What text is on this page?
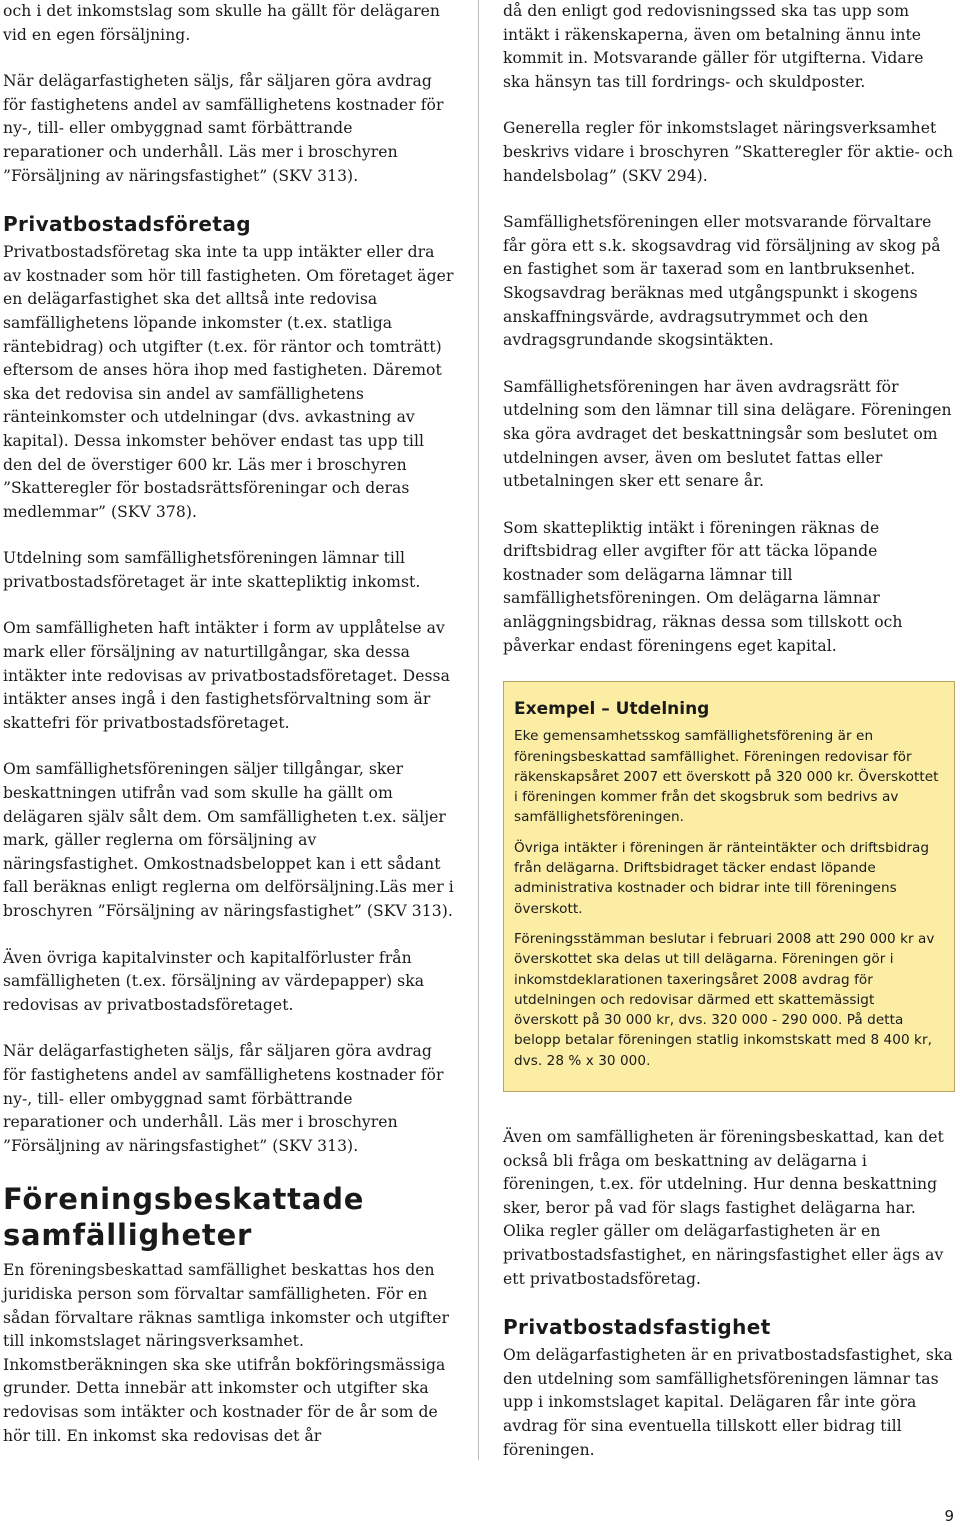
och i det inkomstslag som skulle ha gällt för delägaren vid en egen försäljning.

När delägarfastigheten säljs, får säljaren göra avdrag för fastighetens andel av samfällighetens kostnader för ny-, till- eller ombyggnad samt förbättrande reparationer och underhåll. Läs mer i broschyren ”Försäljning av näringsfastighet” (SKV 313).

Privatbostadsföretag

Privatbostadsföretag ska inte ta upp intäkter eller dra av kostnader som hör till fastigheten. Om företaget äger en delägarfastighet ska det alltså inte redovisa samfällighetens löpande inkomster (t.ex. statliga räntebidrag) och utgifter (t.ex. för räntor och tomträtt) eftersom de anses höra ihop med fastigheten. Däremot ska det redovisa sin andel av samfällighetens ränteinkomster och utdelningar (dvs. avkastning av kapital). Dessa inkomster behöver endast tas upp till den del de överstiger 600 kr. Läs mer i broschyren ”Skatteregler för bostadsrättsföreningar och deras medlemmar” (SKV 378).

Utdelning som samfällighetsföreningen lämnar till privatbostadsföretaget är inte skattepliktig inkomst.

Om samfälligheten haft intäkter i form av upplåtelse av mark eller försäljning av naturtillgångar, ska dessa intäkter inte redovisas av privatbostadsföretaget. Dessa intäkter anses ingå i den fastighetsförvaltning som är skattefri för privatbostadsföretaget.

Om samfällighetsföreningen säljer tillgångar, sker beskattningen utifrån vad som skulle ha gällt om delägaren själv sålt dem. Om samfälligheten t.ex. säljer mark, gäller reglerna om försäljning av näringsfastighet. Omkostnadsbeloppet kan i ett sådant fall beräknas enligt reglerna om delförsäljning.Läs mer i broschyren ”Försäljning av näringsfastighet” (SKV 313).

Även övriga kapitalvinster och kapitalförluster från samfälligheten (t.ex. försäljning av värdepapper) ska redovisas av privatbostadsföretaget.

När delägarfastigheten säljs, får säljaren göra avdrag för fastighetens andel av samfällighetens kostnader för ny-, till- eller ombyggnad samt förbättrande reparationer och underhåll. Läs mer i broschyren ”Försäljning av näringsfastighet” (SKV 313).

Föreningsbeskattade samfälligheter

En föreningsbeskattad samfällighet beskattas hos den juridiska person som förvaltar samfälligheten. För en sådan förvaltare räknas samtliga inkomster och utgifter till inkomstslaget näringsverksamhet. Inkomstberäkningen ska ske utifrån bokföringsmässiga grunder. Detta innebär att inkomster och utgifter ska redovisas som intäkter och kostnader för de år som de hör till. En inkomst ska redovisas det år

då den enligt god redovisningssed ska tas upp som intäkt i räkenskaperna, även om betalning ännu inte kommit in. Motsvarande gäller för utgifterna. Vidare ska hänsyn tas till fordrings- och skuldposter.

Generella regler för inkomstslaget näringsverksamhet beskrivs vidare i broschyren ”Skatteregler för aktie- och handelsbolag” (SKV 294).

Samfällighetsföreningen eller motsvarande förvaltare får göra ett s.k. skogsavdrag vid försäljning av skog på en fastighet som är taxerad som en lantbruksenhet. Skogsavdrag beräknas med utgångspunkt i skogens anskaffningsvärde, avdragsutrymmet och den avdragsgrundande skogsintäkten.

Samfällighetsföreningen har även avdragsrätt för utdelning som den lämnar till sina delägare. Föreningen ska göra avdraget det beskattningsår som beslutet om utdelningen avser, även om beslutet fattas eller utbetalningen sker ett senare år.

Som skattepliktig intäkt i föreningen räknas de driftsbidrag eller avgifter för att täcka löpande kostnader som delägarna lämnar till samfällighetsföreningen. Om delägarna lämnar anläggningsbidrag, räknas dessa som tillskott och påverkar endast föreningens eget kapital.

Exempel – Utdelning

Eke gemensamhetsskog samfällighetsförening är en föreningsbeskattad samfällighet. Föreningen redovisar för räkenskapsåret 2007 ett överskott på 320 000 kr. Överskottet i föreningen kommer från det skogsbruk som bedrivs av samfällighetsföreningen.

Övriga intäkter i föreningen är ränteintäkter och driftsbidrag från delägarna. Driftsbidraget täcker endast löpande administrativa kostnader och bidrar inte till föreningens överskott.

Föreningsstämman beslutar i februari 2008 att 290 000 kr av överskottet ska delas ut till delägarna. Föreningen gör i inkomstdeklarationen taxeringsåret 2008 avdrag för utdelningen och redovisar därmed ett skattemässigt överskott på 30 000 kr, dvs. 320 000 - 290 000. På detta belopp betalar föreningen statlig inkomstskatt med 8 400 kr, dvs. 28 % x 30 000.

Även om samfälligheten är föreningsbeskattad, kan det också bli fråga om beskattning av delägarna i föreningen, t.ex. för utdelning. Hur denna beskattning sker, beror på vad för slags fastighet delägarna har. Olika regler gäller om delägarfastigheten är en privatbostadsfastighet, en näringsfastighet eller ägs av ett privatbostadsföretag.

Privatbostadsfastighet

Om delägarfastigheten är en privatbostadsfastighet, ska den utdelning som samfällighetsföreningen lämnar tas upp i inkomstslaget kapital. Delägaren får inte göra avdrag för sina eventuella tillskott eller bidrag till föreningen.

9
